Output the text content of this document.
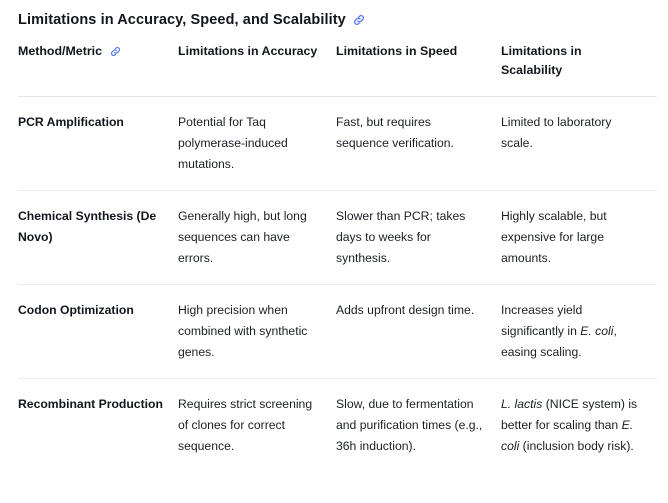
Limitations in Accuracy, Speed, and Scalability
Method/Metric	Limitations in Accuracy	Limitations in Speed	Limitations in Scalability
PCR Amplification	Potential for Taq polymerase-induced mutations.	Fast, but requires sequence verification.	Limited to laboratory scale.
Chemical Synthesis (De Novo)	Generally high, but long sequences can have errors.	Slower than PCR; takes days to weeks for synthesis.	Highly scalable, but expensive for large amounts.
Codon Optimization	High precision when combined with synthetic genes.	Adds upfront design time.	Increases yield significantly in E. coli, easing scaling.
Recombinant Production	Requires strict screening of clones for correct sequence.	Slow, due to fermentation and purification times (e.g., 36h induction).	L. lactis (NICE system) is better for scaling than E. coli (inclusion body risk).
